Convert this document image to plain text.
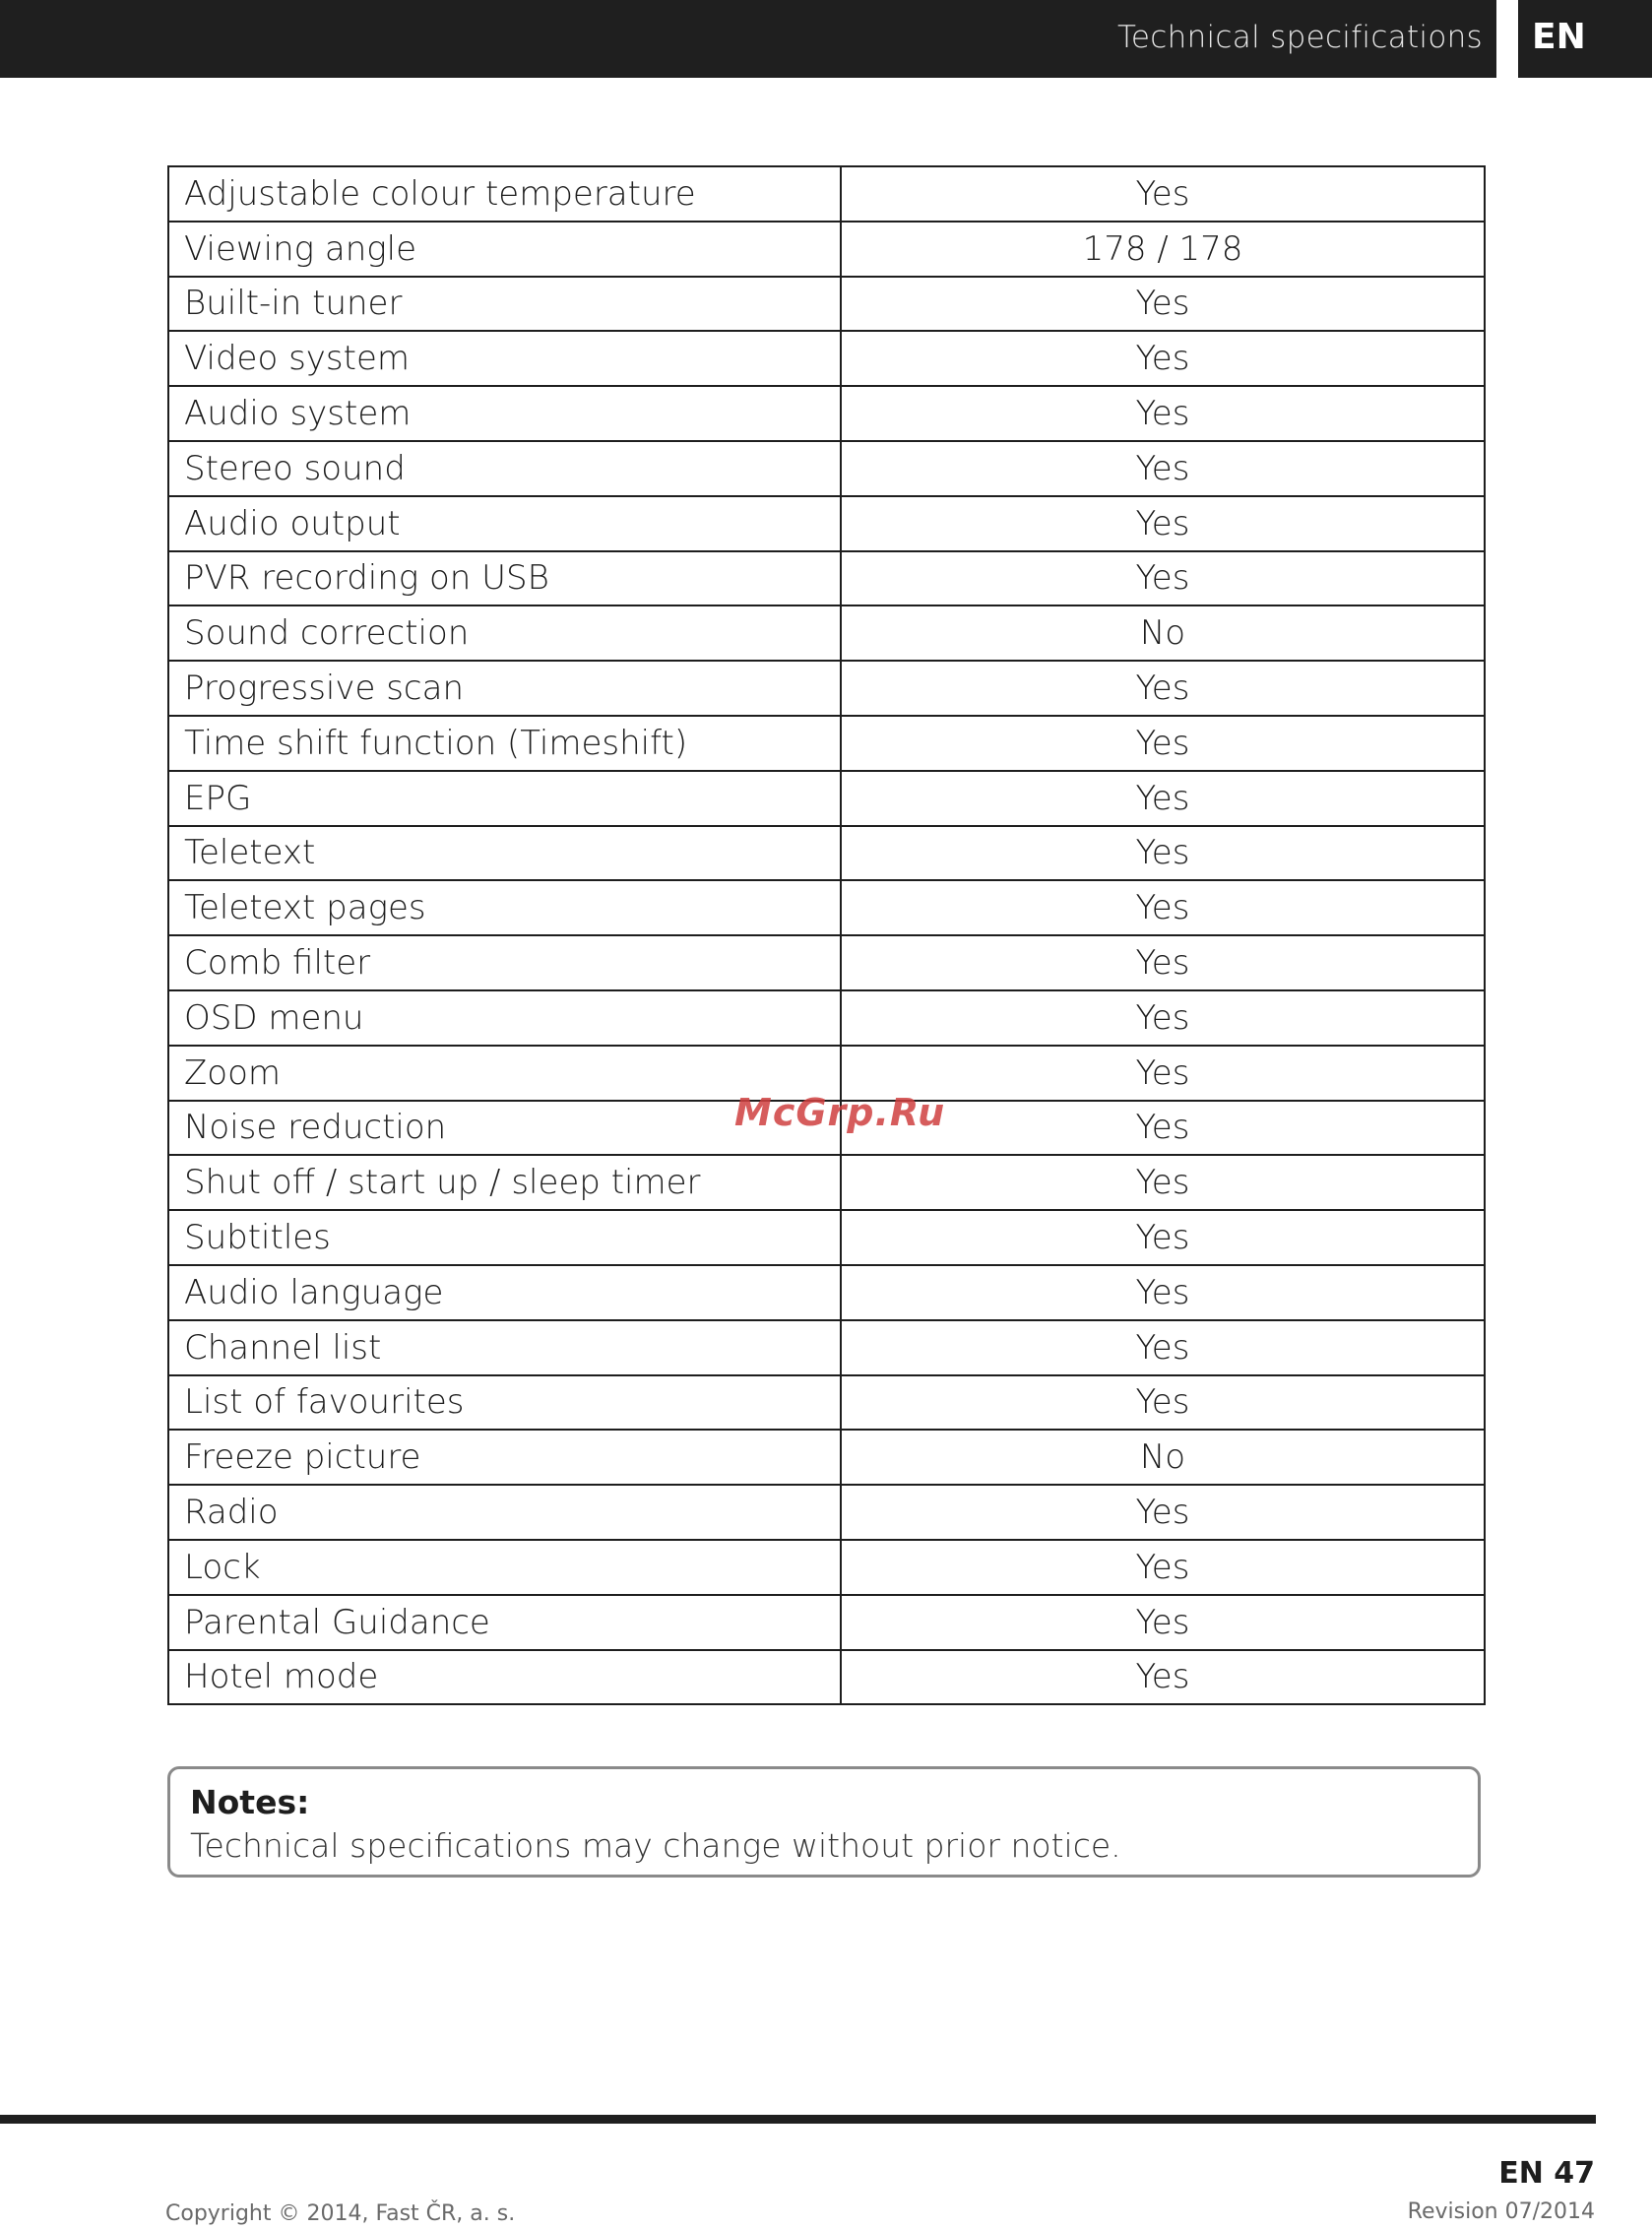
Technical specifications EN
Adjustable colour temperature	Yes
Viewing angle	178 / 178
Built-in tuner	Yes
Video system	Yes
Audio system	Yes
Stereo sound	Yes
Audio output	Yes
PVR recording on USB	Yes
Sound correction	No
Progressive scan	Yes
Time shift function (Timeshift)	Yes
EPG	Yes
Teletext	Yes
Teletext pages	Yes
Comb filter	Yes
OSD menu	Yes
Zoom	Yes
Noise reduction	Yes
Shut off / start up / sleep timer	Yes
Subtitles	Yes
Audio language	Yes
Channel list	Yes
List of favourites	Yes
Freeze picture	No
Radio	Yes
Lock	Yes
Parental Guidance	Yes
Hotel mode	Yes
McGrp.Ru
Notes:
Technical specifications may change without prior notice.
EN 47
Copyright © 2014, Fast ČR, a. s.	Revision 07/2014
